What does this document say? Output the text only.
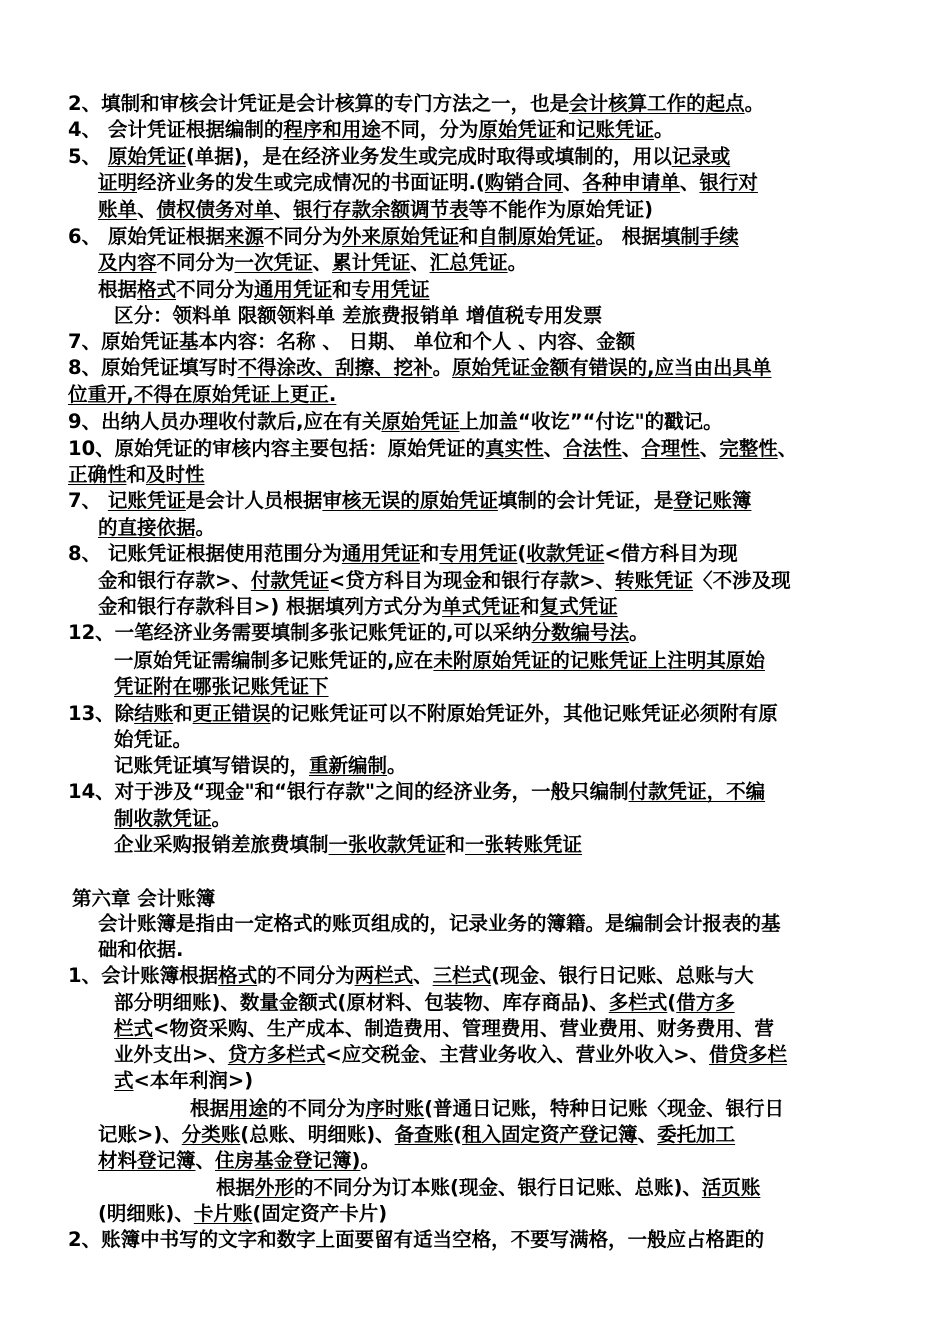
2、填制和审核会计凭证是会计核算的专门方法之一，也是会计核算工作的起点。
4、 会计凭证根据编制的程序和用途不同，分为原始凭证和记账凭证。
5、 原始凭证(单据)，是在经济业务发生或完成时取得或填制的，用以记录或
证明经济业务的发生或完成情况的书面证明.(购销合同、各种申请单、银行对
账单、债权债务对单、银行存款余额调节表等不能作为原始凭证)
6、 原始凭证根据来源不同分为外来原始凭证和自制原始凭证。 根据填制手续
及内容不同分为一次凭证、累计凭证、汇总凭证。
根据格式不同分为通用凭证和专用凭证
区分：领料单 限额领料单 差旅费报销单 增值税专用发票
7、原始凭证基本内容：名称 、 日期、 单位和个人 、内容、金额
8、原始凭证填写时不得涂改、刮擦、挖补。原始凭证金额有错误的,应当由出具单
位重开,不得在原始凭证上更正.
9、出纳人员办理收付款后,应在有关原始凭证上加盖“收讫”“付讫"的戳记。
10、原始凭证的审核内容主要包括：原始凭证的真实性、合法性、合理性、完整性、
正确性和及时性
7、 记账凭证是会计人员根据审核无误的原始凭证填制的会计凭证，是登记账簿
的直接依据。
8、 记账凭证根据使用范围分为通用凭证和专用凭证(收款凭证<借方科目为现
金和银行存款>、付款凭证<贷方科目为现金和银行存款>、转账凭证〈不涉及现
金和银行存款科目>) 根据填列方式分为单式凭证和复式凭证
12、一笔经济业务需要填制多张记账凭证的,可以采纳分数编号法。
一原始凭证需编制多记账凭证的,应在未附原始凭证的记账凭证上注明其原始
凭证附在哪张记账凭证下
13、除结账和更正错误的记账凭证可以不附原始凭证外，其他记账凭证必须附有原
始凭证。
记账凭证填写错误的，重新编制。
14、对于涉及“现金"和“银行存款"之间的经济业务，一般只编制付款凭证，不编
制收款凭证。
企业采购报销差旅费填制一张收款凭证和一张转账凭证
第六章 会计账簿
会计账簿是指由一定格式的账页组成的，记录业务的簿籍。是编制会计报表的基
础和依据.
1、会计账簿根据格式的不同分为两栏式、三栏式(现金、银行日记账、总账与大
部分明细账)、数量金额式(原材料、包装物、库存商品)、多栏式(借方多
栏式<物资采购、生产成本、制造费用、管理费用、营业费用、财务费用、营
业外支出>、贷方多栏式<应交税金、主营业务收入、营业外收入>、借贷多栏
式<本年利润>)
根据用途的不同分为序时账(普通日记账，特种日记账〈现金、银行日
记账>)、分类账(总账、明细账)、备查账(租入固定资产登记簿、委托加工
材料登记簿、住房基金登记簿)。
根据外形的不同分为订本账(现金、银行日记账、总账)、活页账
(明细账)、卡片账(固定资产卡片)
2、账簿中书写的文字和数字上面要留有适当空格，不要写满格，一般应占格距的
